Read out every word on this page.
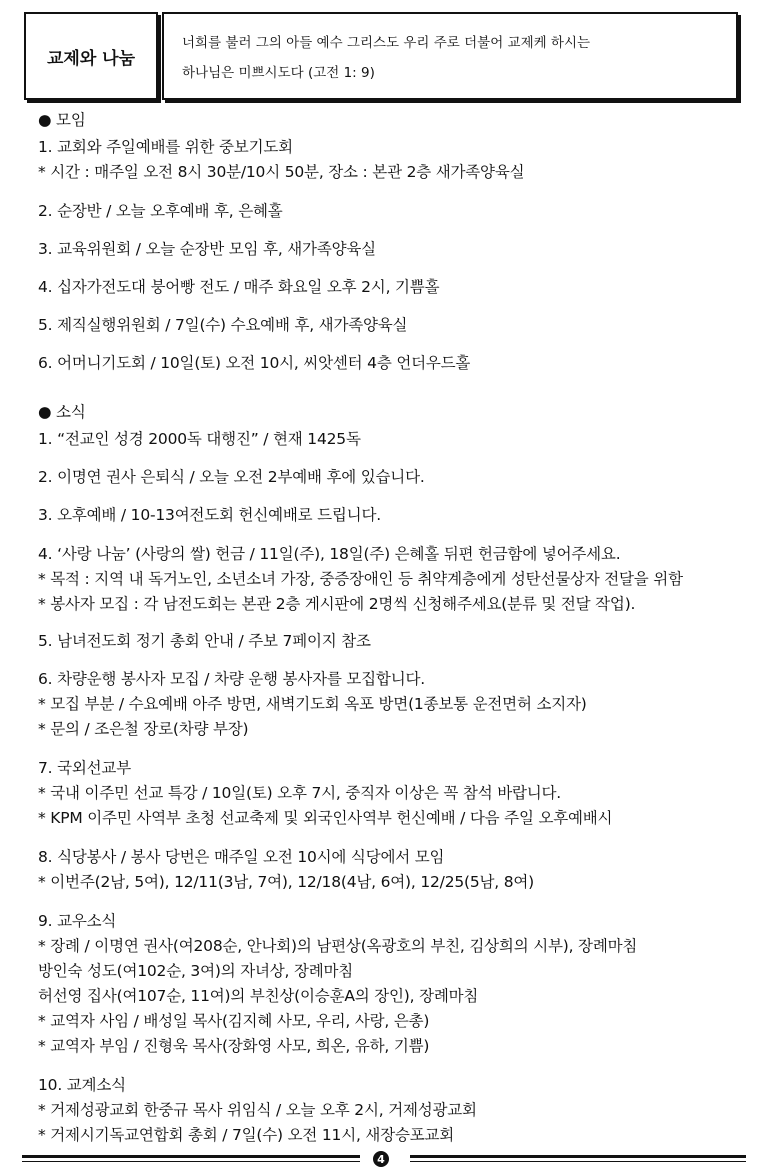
교제와 나눔
너희를 불러 그의 아들 예수 그리스도 우리 주로 더불어 교제케 하시는
하나님은 미쁘시도다 (고전 1: 9)
● 모임
1. 교회와 주일예배를 위한 중보기도회
* 시간 : 매주일 오전 8시 30분/10시 50분, 장소 : 본관 2층 새가족양육실
2. 순장반 / 오늘 오후예배 후, 은혜홀
3. 교육위원회 / 오늘 순장반 모임 후, 새가족양육실
4. 십자가전도대 붕어빵 전도 / 매주 화요일 오후 2시, 기쁨홀
5. 제직실행위원회 / 7일(수) 수요예배 후, 새가족양육실
6. 어머니기도회 / 10일(토) 오전 10시, 씨앗센터 4층 언더우드홀
● 소식
1. “전교인 성경 2000독 대행진” / 현재 1425독
2. 이명연 권사 은퇴식 / 오늘 오전 2부예배 후에 있습니다.
3. 오후예배 / 10-13여전도회 헌신예배로 드립니다.
4. ‘사랑 나눔’ (사랑의 쌀) 헌금 / 11일(주), 18일(주) 은혜홀 뒤편 헌금함에 넣어주세요.
* 목적 : 지역 내 독거노인, 소년소녀 가장, 중증장애인 등 취약계층에게 성탄선물상자 전달을 위함
* 봉사자 모집 : 각 남전도회는 본관 2층 게시판에 2명씩 신청해주세요(분류 및 전달 작업).
5. 남녀전도회 정기 총회 안내 / 주보 7페이지 참조
6. 차량운행 봉사자 모집 / 차량 운행 봉사자를 모집합니다.
* 모집 부분 / 수요예배 아주 방면, 새벽기도회 옥포 방면(1종보통 운전면허 소지자)
* 문의 / 조은철 장로(차량 부장)
7. 국외선교부
* 국내 이주민 선교 특강 / 10일(토) 오후 7시, 중직자 이상은 꼭 참석 바랍니다.
* KPM 이주민 사역부 초청 선교축제 및 외국인사역부 헌신예배 / 다음 주일 오후예배시
8. 식당봉사 / 봉사 당번은 매주일 오전 10시에 식당에서 모임
* 이번주(2남, 5여), 12/11(3남, 7여), 12/18(4남, 6여), 12/25(5남, 8여)
9. 교우소식
* 장례 / 이명연 권사(여208순, 안나회)의 남편상(옥광호의 부친, 김상희의 시부), 장례마침
방인숙 성도(여102순, 3여)의 자녀상, 장례마침
허선영 집사(여107순, 11여)의 부친상(이승훈A의 장인), 장례마침
* 교역자 사임 / 배성일 목사(김지혜 사모, 우리, 사랑, 은총)
* 교역자 부임 / 진형욱 목사(장화영 사모, 희온, 유하, 기쁨)
10. 교계소식
* 거제성광교회 한중규 목사 위임식 / 오늘 오후 2시, 거제성광교회
* 거제시기독교연합회 총회 / 7일(수) 오전 11시, 새장승포교회
4
